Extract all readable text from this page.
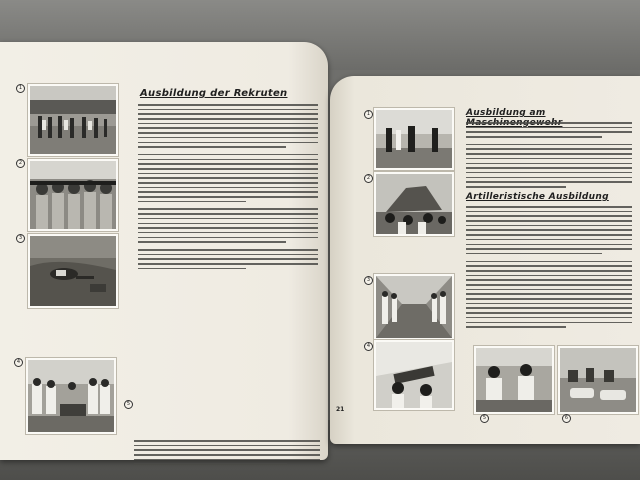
1
2
3
4
5
Ausbildung der Rekruten
21
1
2
3
4
5	6
Ausbildung am
Artilleristische Ausbildung
